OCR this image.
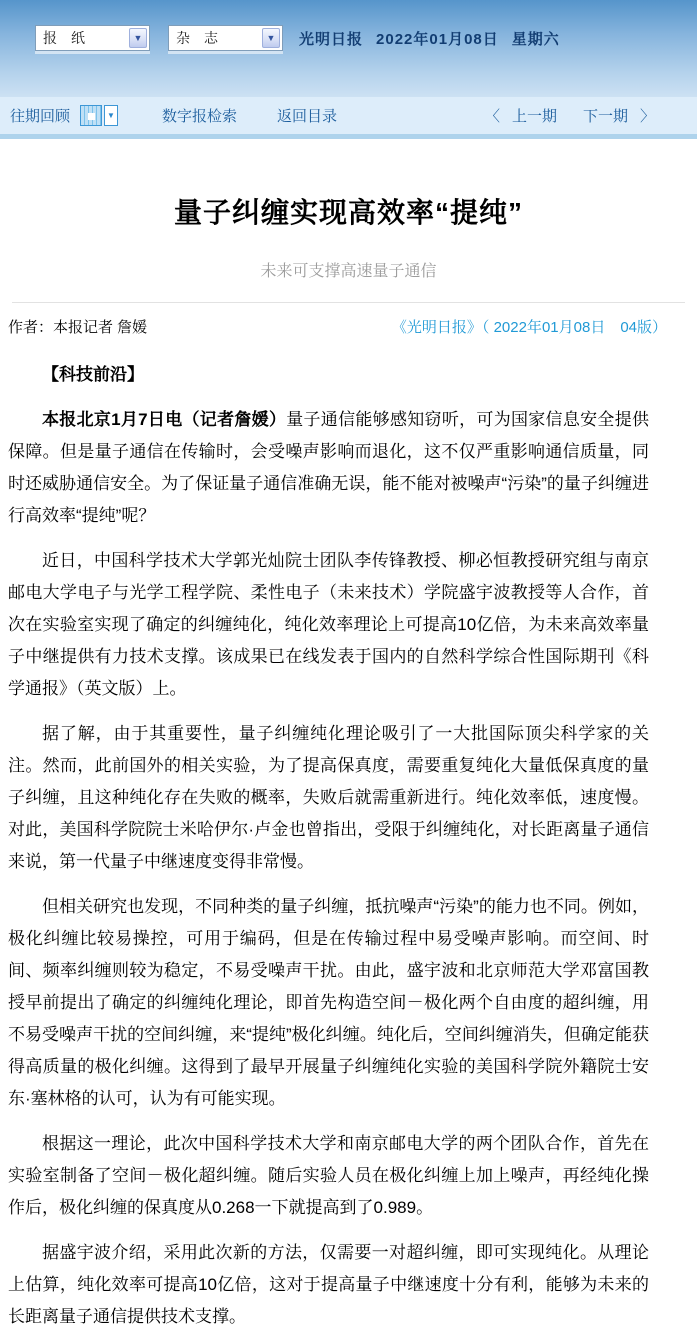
报　纸	▼	杂　志	▼	光明日报 2022年01月08日 星期六
往期回顾	▼	数字报检索	返回目录	〈 上一期 下一期 〉
量子纠缠实现高效率“提纯”
未来可支撑高速量子通信
作者：本报记者 詹媛	《光明日报》（ 2022年01月08日　04版）
【科技前沿】

本报北京1月7日电（记者詹媛）量子通信能够感知窃听，可为国家信息安全提供保障。但是量子通信在传输时，会受噪声影响而退化，这不仅严重影响通信质量，同时还威胁通信安全。为了保证量子通信准确无误，能不能对被噪声“污染”的量子纠缠进行高效率“提纯”呢？

近日，中国科学技术大学郭光灿院士团队李传锋教授、柳必恒教授研究组与南京邮电大学电子与光学工程学院、柔性电子（未来技术）学院盛宇波教授等人合作，首次在实验室实现了确定的纠缠纯化，纯化效率理论上可提高10亿倍，为未来高效率量子中继提供有力技术支撑。该成果已在线发表于国内的自然科学综合性国际期刊《科学通报》（英文版）上。

据了解，由于其重要性，量子纠缠纯化理论吸引了一大批国际顶尖科学家的关注。然而，此前国外的相关实验，为了提高保真度，需要重复纯化大量低保真度的量子纠缠，且这种纯化存在失败的概率，失败后就需重新进行。纯化效率低，速度慢。对此，美国科学院院士米哈伊尔·卢金也曾指出，受限于纠缠纯化，对长距离量子通信来说，第一代量子中继速度变得非常慢。

但相关研究也发现，不同种类的量子纠缠，抵抗噪声“污染”的能力也不同。例如，极化纠缠比较易操控，可用于编码，但是在传输过程中易受噪声影响。而空间、时间、频率纠缠则较为稳定，不易受噪声干扰。由此，盛宇波和北京师范大学邓富国教授早前提出了确定的纠缠纯化理论，即首先构造空间－极化两个自由度的超纠缠，用不易受噪声干扰的空间纠缠，来“提纯”极化纠缠。纯化后，空间纠缠消失，但确定能获得高质量的极化纠缠。这得到了最早开展量子纠缠纯化实验的美国科学院外籍院士安东·塞林格的认可，认为有可能实现。

根据这一理论，此次中国科学技术大学和南京邮电大学的两个团队合作，首先在实验室制备了空间－极化超纠缠。随后实验人员在极化纠缠上加上噪声，再经纯化操作后，极化纠缠的保真度从0.268一下就提高到了0.989。

据盛宇波介绍，采用此次新的方法，仅需要一对超纠缠，即可实现纯化。从理论上估算，纯化效率可提高10亿倍，这对于提高量子中继速度十分有利，能够为未来的长距离量子通信提供技术支撑。
